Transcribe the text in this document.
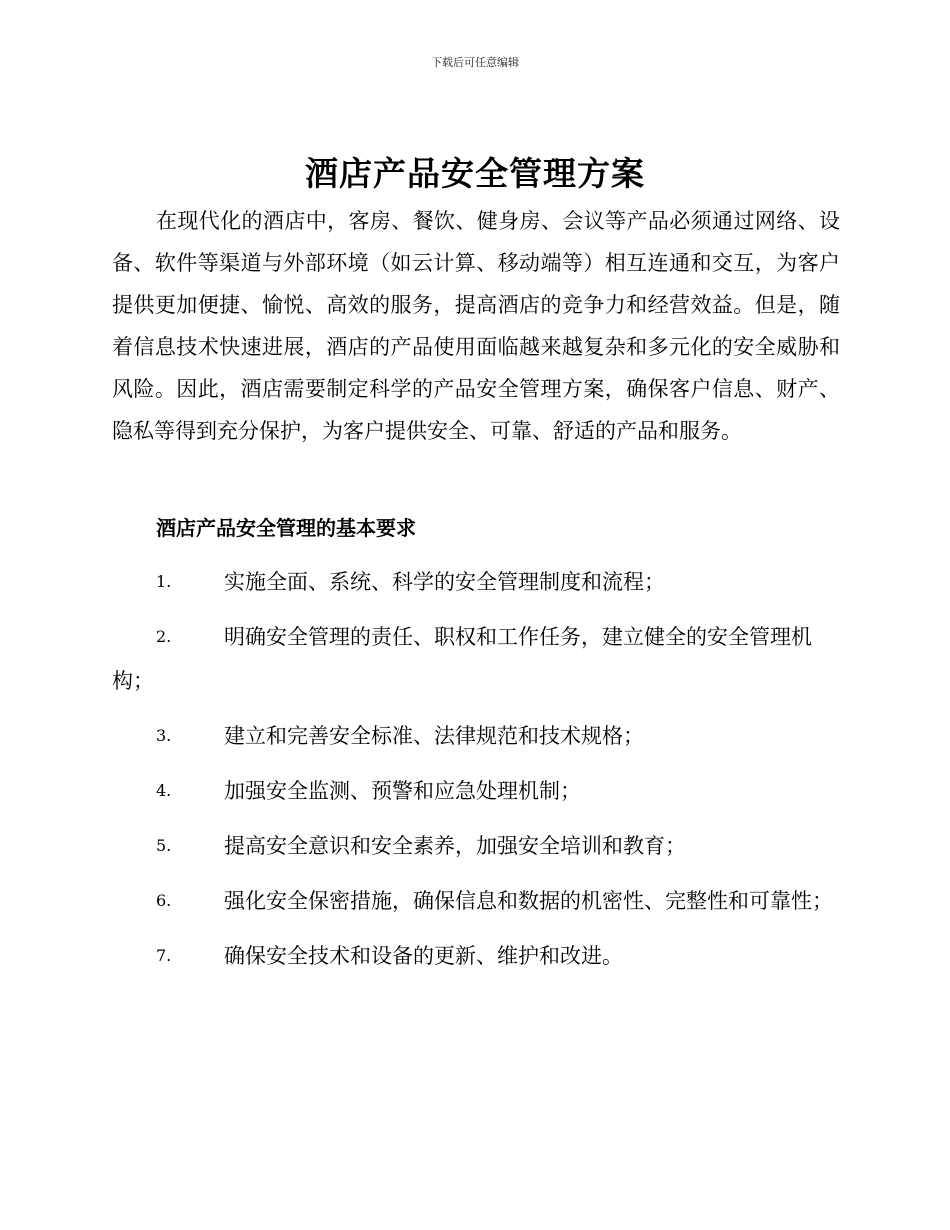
下载后可任意编辑
酒店产品安全管理方案

在现代化的酒店中，客房、餐饮、健身房、会议等产品必须通过网络、设备、软件等渠道与外部环境（如云计算、移动端等）相互连通和交互，为客户提供更加便捷、愉悦、高效的服务，提高酒店的竞争力和经营效益。但是，随着信息技术快速进展，酒店的产品使用面临越来越复杂和多元化的安全威胁和风险。因此，酒店需要制定科学的产品安全管理方案，确保客户信息、财产、隐私等得到充分保护，为客户提供安全、可靠、舒适的产品和服务。

酒店产品安全管理的基本要求
1.	实施全面、系统、科学的安全管理制度和流程；
2.	明确安全管理的责任、职权和工作任务，建立健全的安全管理机构；
3.	建立和完善安全标准、法律规范和技术规格；
4.	加强安全监测、预警和应急处理机制；
5.	提高安全意识和安全素养，加强安全培训和教育；
6.	强化安全保密措施，确保信息和数据的机密性、完整性和可靠性；
7.	确保安全技术和设备的更新、维护和改进。
